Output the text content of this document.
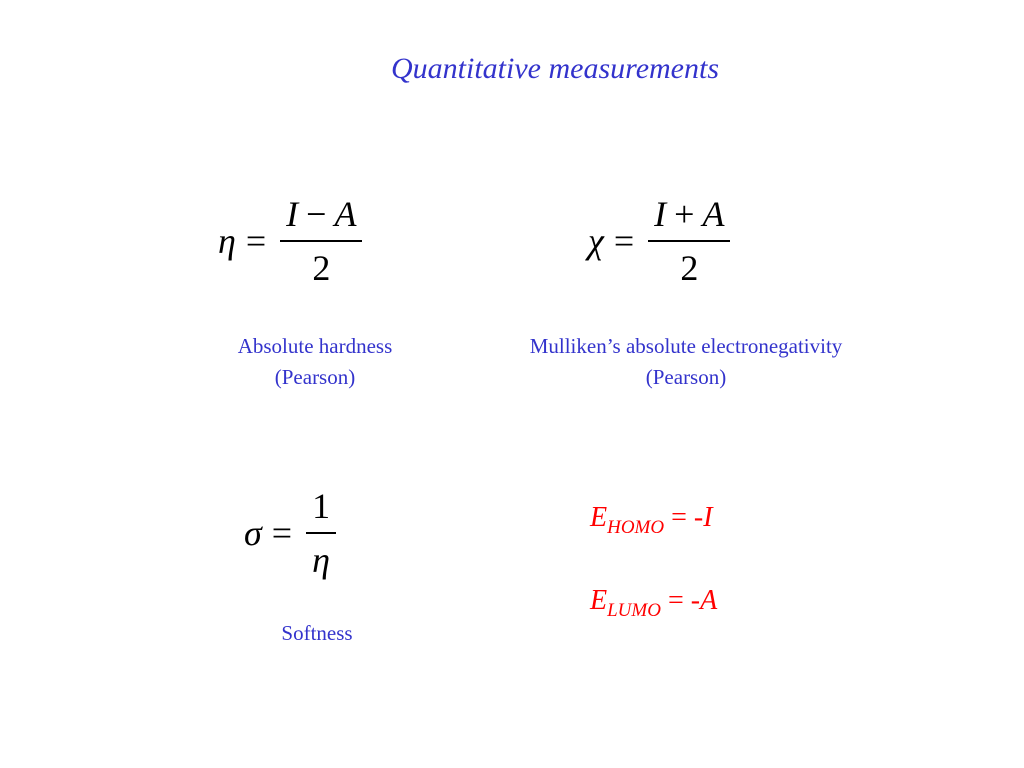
Quantitative measurements
$\eta = \frac{I - A}{2}$
Absolute hardness
(Pearson)
$\chi = \frac{I + A}{2}$
Mulliken’s absolute electronegativity
(Pearson)
$\sigma = \frac{1}{\eta}$
Softness
$E_{HOMO} = -I$
$E_{LUMO} = -A$
